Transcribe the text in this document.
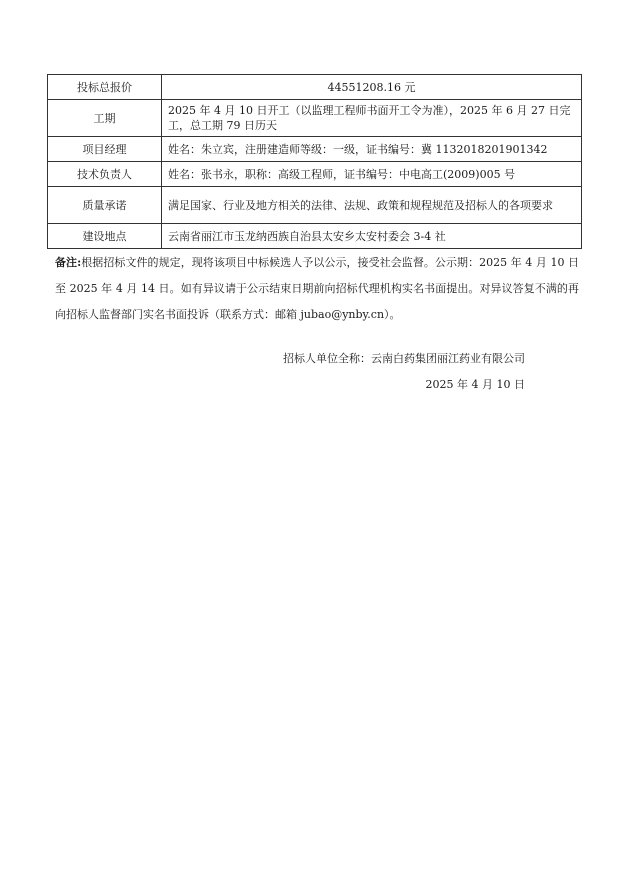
投标总报价	44551208.16 元
工期	2025 年 4 月 10 日开工（以监理工程师书面开工令为准），2025 年 6 月 27 日完工，总工期 79 日历天
项目经理	姓名：朱立宾，注册建造师等级：一级，证书编号：冀 1132018201901342
技术负责人	姓名：张书永，职称：高级工程师，证书编号：中电高工(2009)005 号
质量承诺	满足国家、行业及地方相关的法律、法规、政策和规程规范及招标人的各项要求
建设地点	云南省丽江市玉龙纳西族自治县太安乡太安村委会 3-4 社
备注:根据招标文件的规定，现将该项目中标候选人予以公示，接受社会监督。公示期：2025 年 4 月 10 日至 2025 年 4 月 14 日。如有异议请于公示结束日期前向招标代理机构实名书面提出。对异议答复不满的再向招标人监督部门实名书面投诉（联系方式：邮箱 jubao@ynby.cn）。
招标人单位全称：云南白药集团丽江药业有限公司
2025 年 4 月 10 日
